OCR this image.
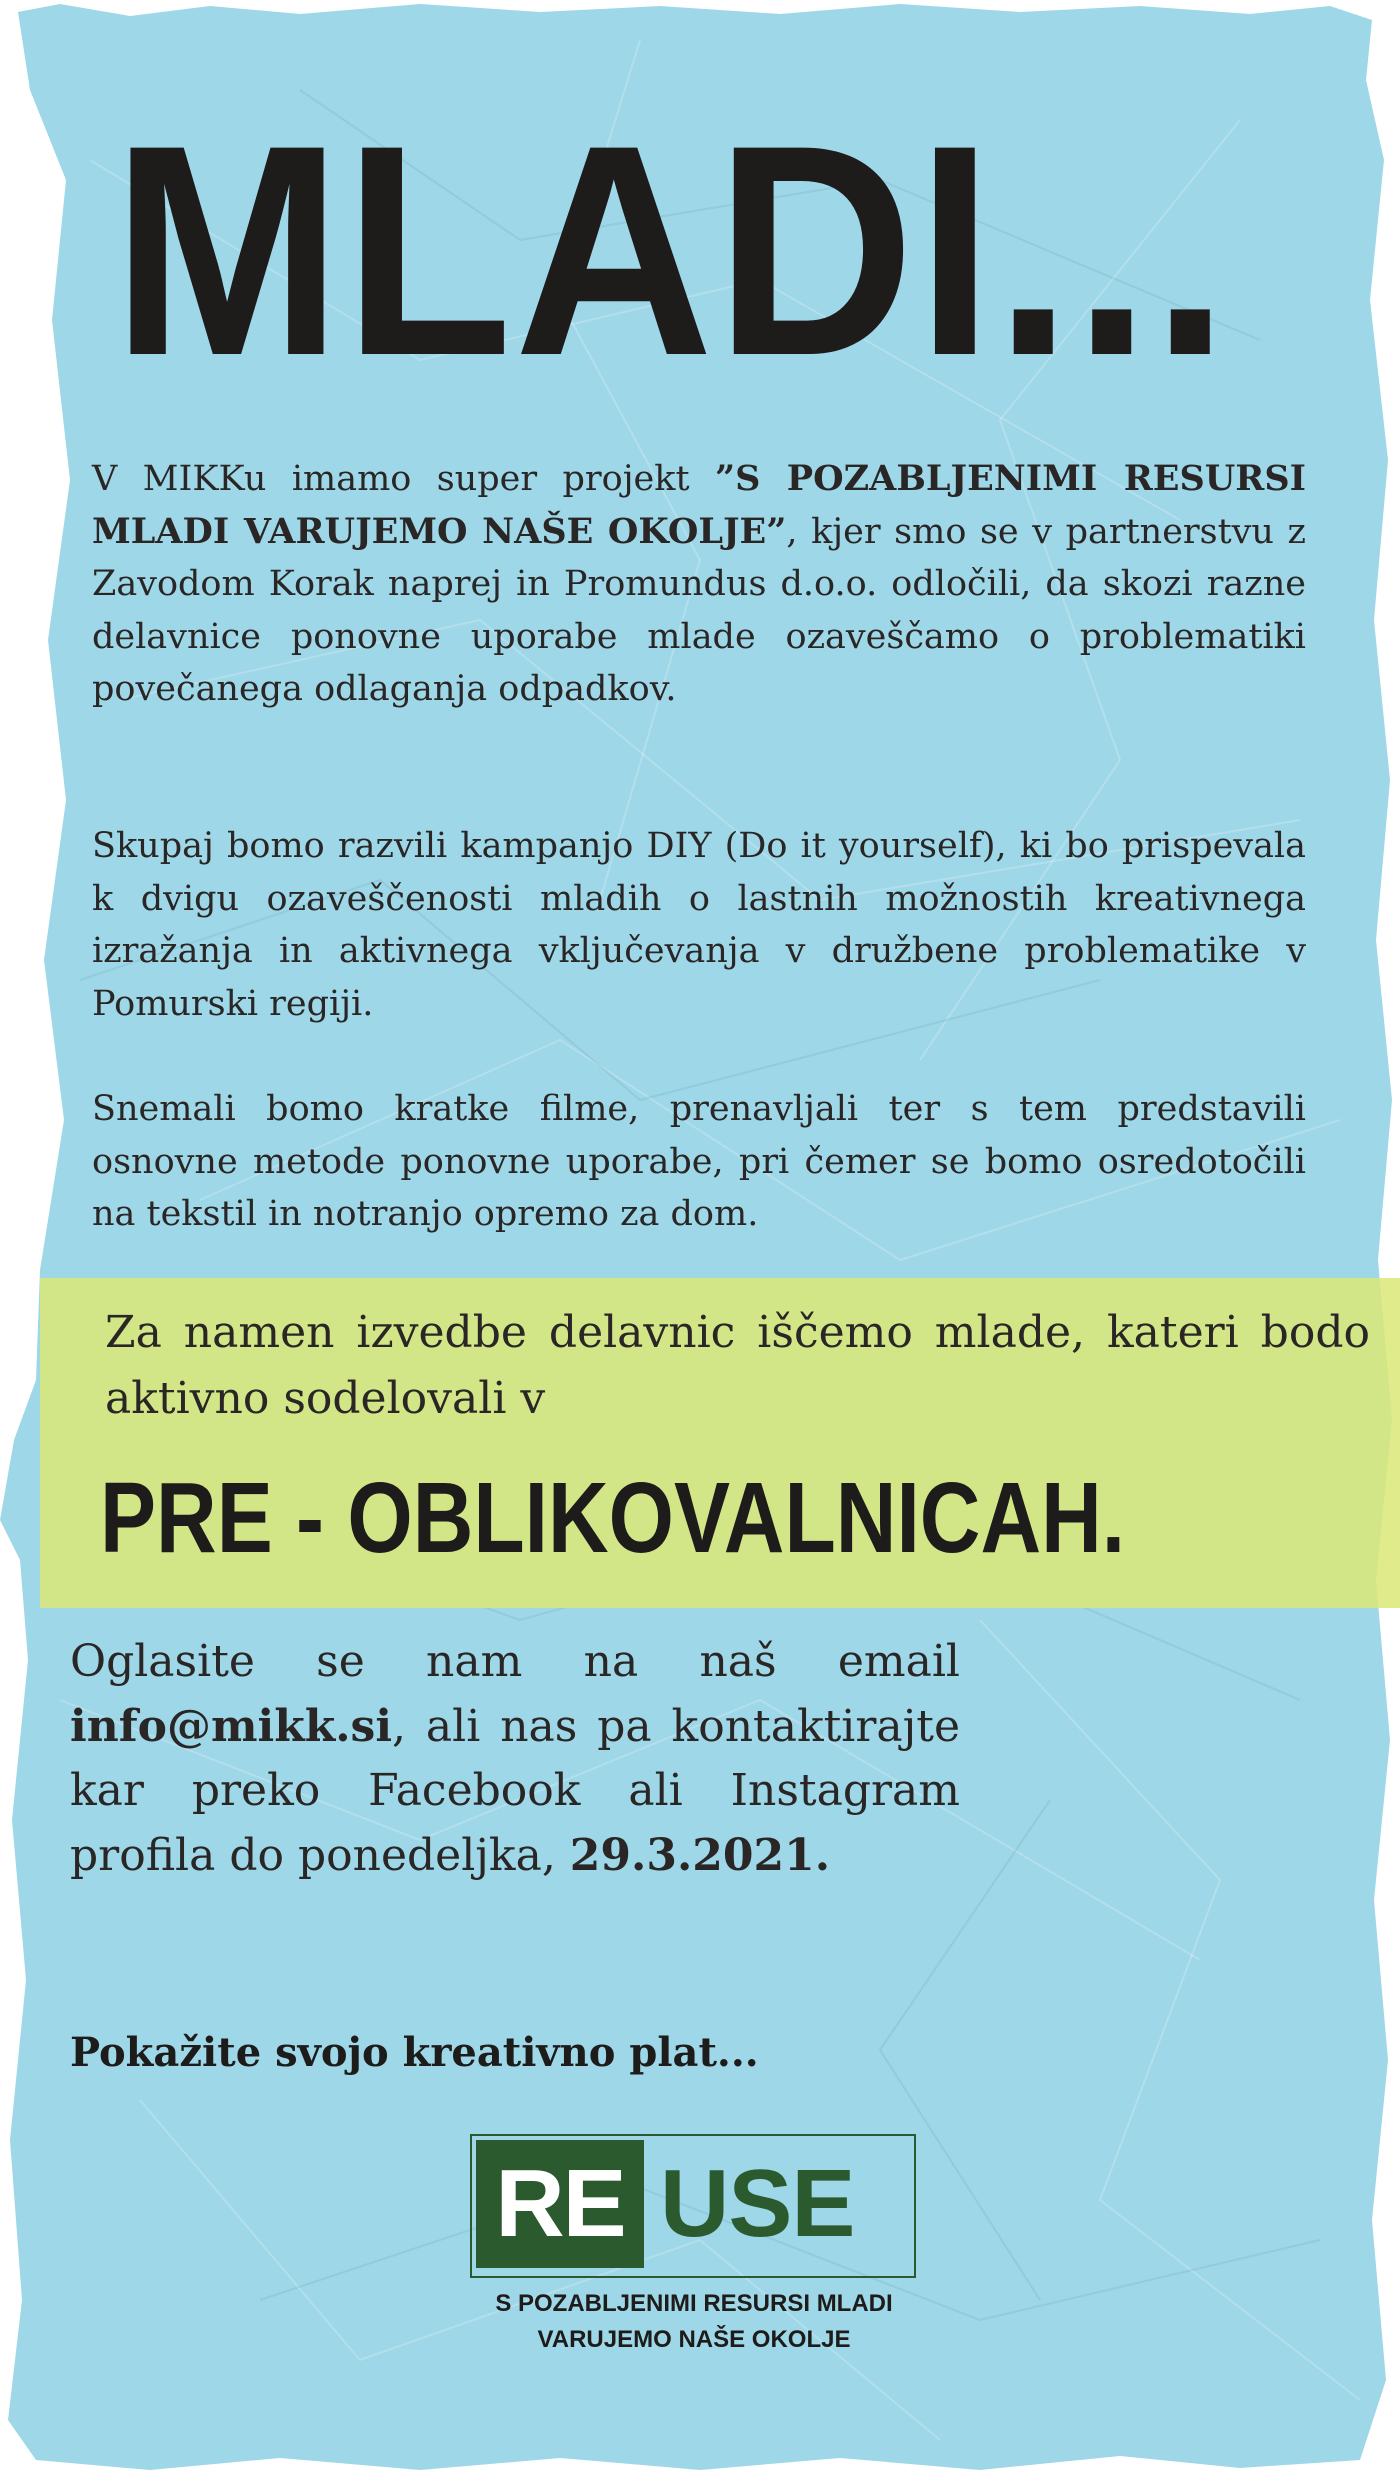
MLADI...

V MIKKu imamo super projekt ”S POZABLJENIMI RESURSI MLADI VARUJEMO NAŠE OKOLJE”, kjer smo se v partnerstvu z Zavodom Korak naprej in Promundus d.o.o. odločili, da skozi razne delavnice ponovne uporabe mlade ozaveščamo o problematiki povečanega odlaganja odpadkov.

Skupaj bomo razvili kampanjo DIY (Do it yourself), ki bo prispevala k dvigu ozaveščenosti mladih o lastnih možnostih kreativnega izražanja in aktivnega vključevanja v družbene problematike v Pomurski regiji.

Snemali bomo kratke filme, prenavljali ter s tem predstavili osnovne metode ponovne uporabe, pri čemer se bomo osredotočili na tekstil in notranjo opremo za dom.

Za namen izvedbe delavnic iščemo mlade, kateri bodo aktivno sodelovali v

PRE - OBLIKOVALNICAH.

Oglasite se nam na naš email info@mikk.si, ali nas pa kontaktirajte kar preko Facebook ali Instagram profila do ponedeljka, 29.3.2021.

Pokažite svojo kreativno plat...

RE USE

S POZABLJENIMI RESURSI MLADI
VARUJEMO NAŠE OKOLJE
